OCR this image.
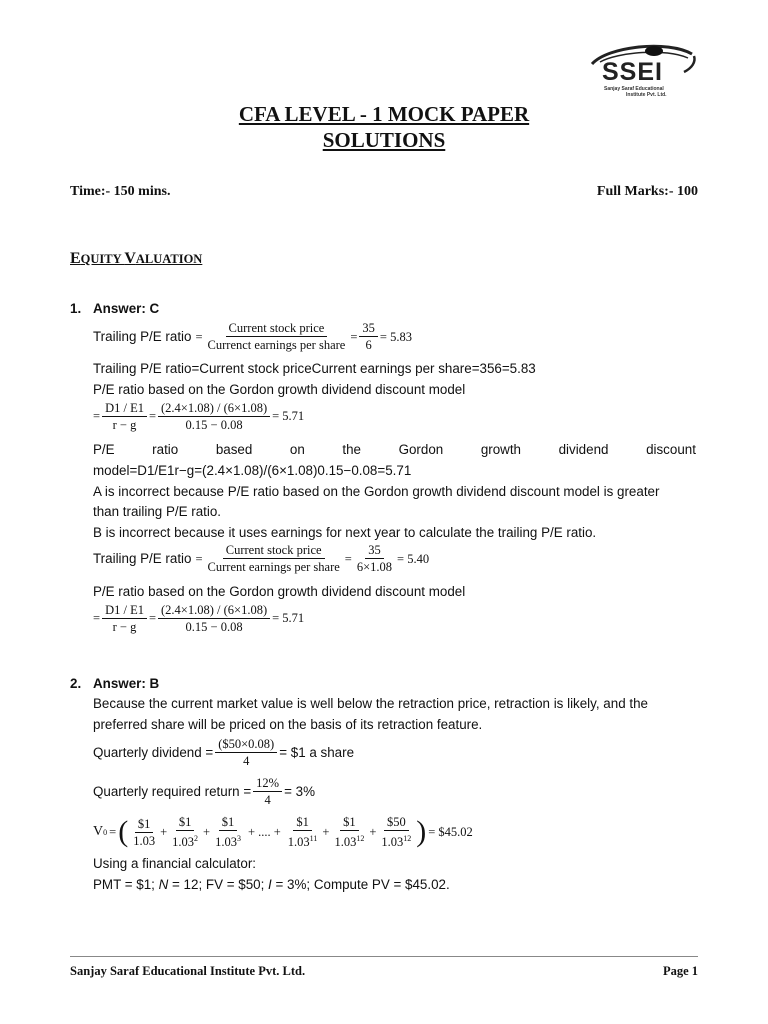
SSEI
Sanjay Saraf Educational
Institute Pvt. Ltd.
CFA LEVEL - 1 MOCK PAPER
SOLUTIONS
Time:- 150 mins.	Full Marks:- 100
EQUITY VALUATION
1. Answer: C
Trailing P/E ratio = $\frac{\text{Current stock price}}{\text{Currenct earnings per share}} = \frac{35}{6} = 5.83$
Trailing P/E ratio=Current stock priceCurrent earnings per share=356=5.83
P/E ratio based on the Gordon growth dividend discount model
= $\frac{D1 / E1}{r - g} = \frac{(2.4\times 1.08) / (6\times 1.08)}{0.15 - 0.08} = 5.71$
P/E	ratio	based	on	the	Gordon	growth	dividend	discount
model=D1/E1r−g=(2.4×1.08)/(6×1.08)0.15−0.08=5.71
A is incorrect because P/E ratio based on the Gordon growth dividend discount model is greater
than trailing P/E ratio.
B is incorrect because it uses earnings for next year to calculate the trailing P/E ratio.
Trailing P/E ratio = $\frac{\text{Current stock price}}{\text{Current earnings per share}} = \frac{35}{6\times 1.08} = 5.40$
P/E ratio based on the Gordon growth dividend discount model
= $\frac{D1 / E1}{r - g} = \frac{(2.4\times 1.08) / (6\times 1.08)}{0.15 - 0.08} = 5.71$
2. Answer: B
Because the current market value is well below the retraction price, retraction is likely, and the
preferred share will be priced on the basis of its retraction feature.
Quarterly dividend = $\frac{(\$50\times 0.08)}{4}$ = $1 a share
Quarterly required return = $\frac{12\%}{4} = 3\%$
V 0 = ( $\frac{\$1}{1.03} + \frac{\$1}{1.03^2} + \frac{\$1}{1.03^3}$ + .... + $\frac{\$1}{1.03^{11}} + \frac{\$1}{1.03^{12}} + \frac{\$50}{1.03^{12}}$ ) = $45.02
Using a financial calculator:
PMT = $1; N = 12; FV = $50; I = 3%; Compute PV = $45.02.
Sanjay Saraf Educational Institute Pvt. Ltd.	Page 1
